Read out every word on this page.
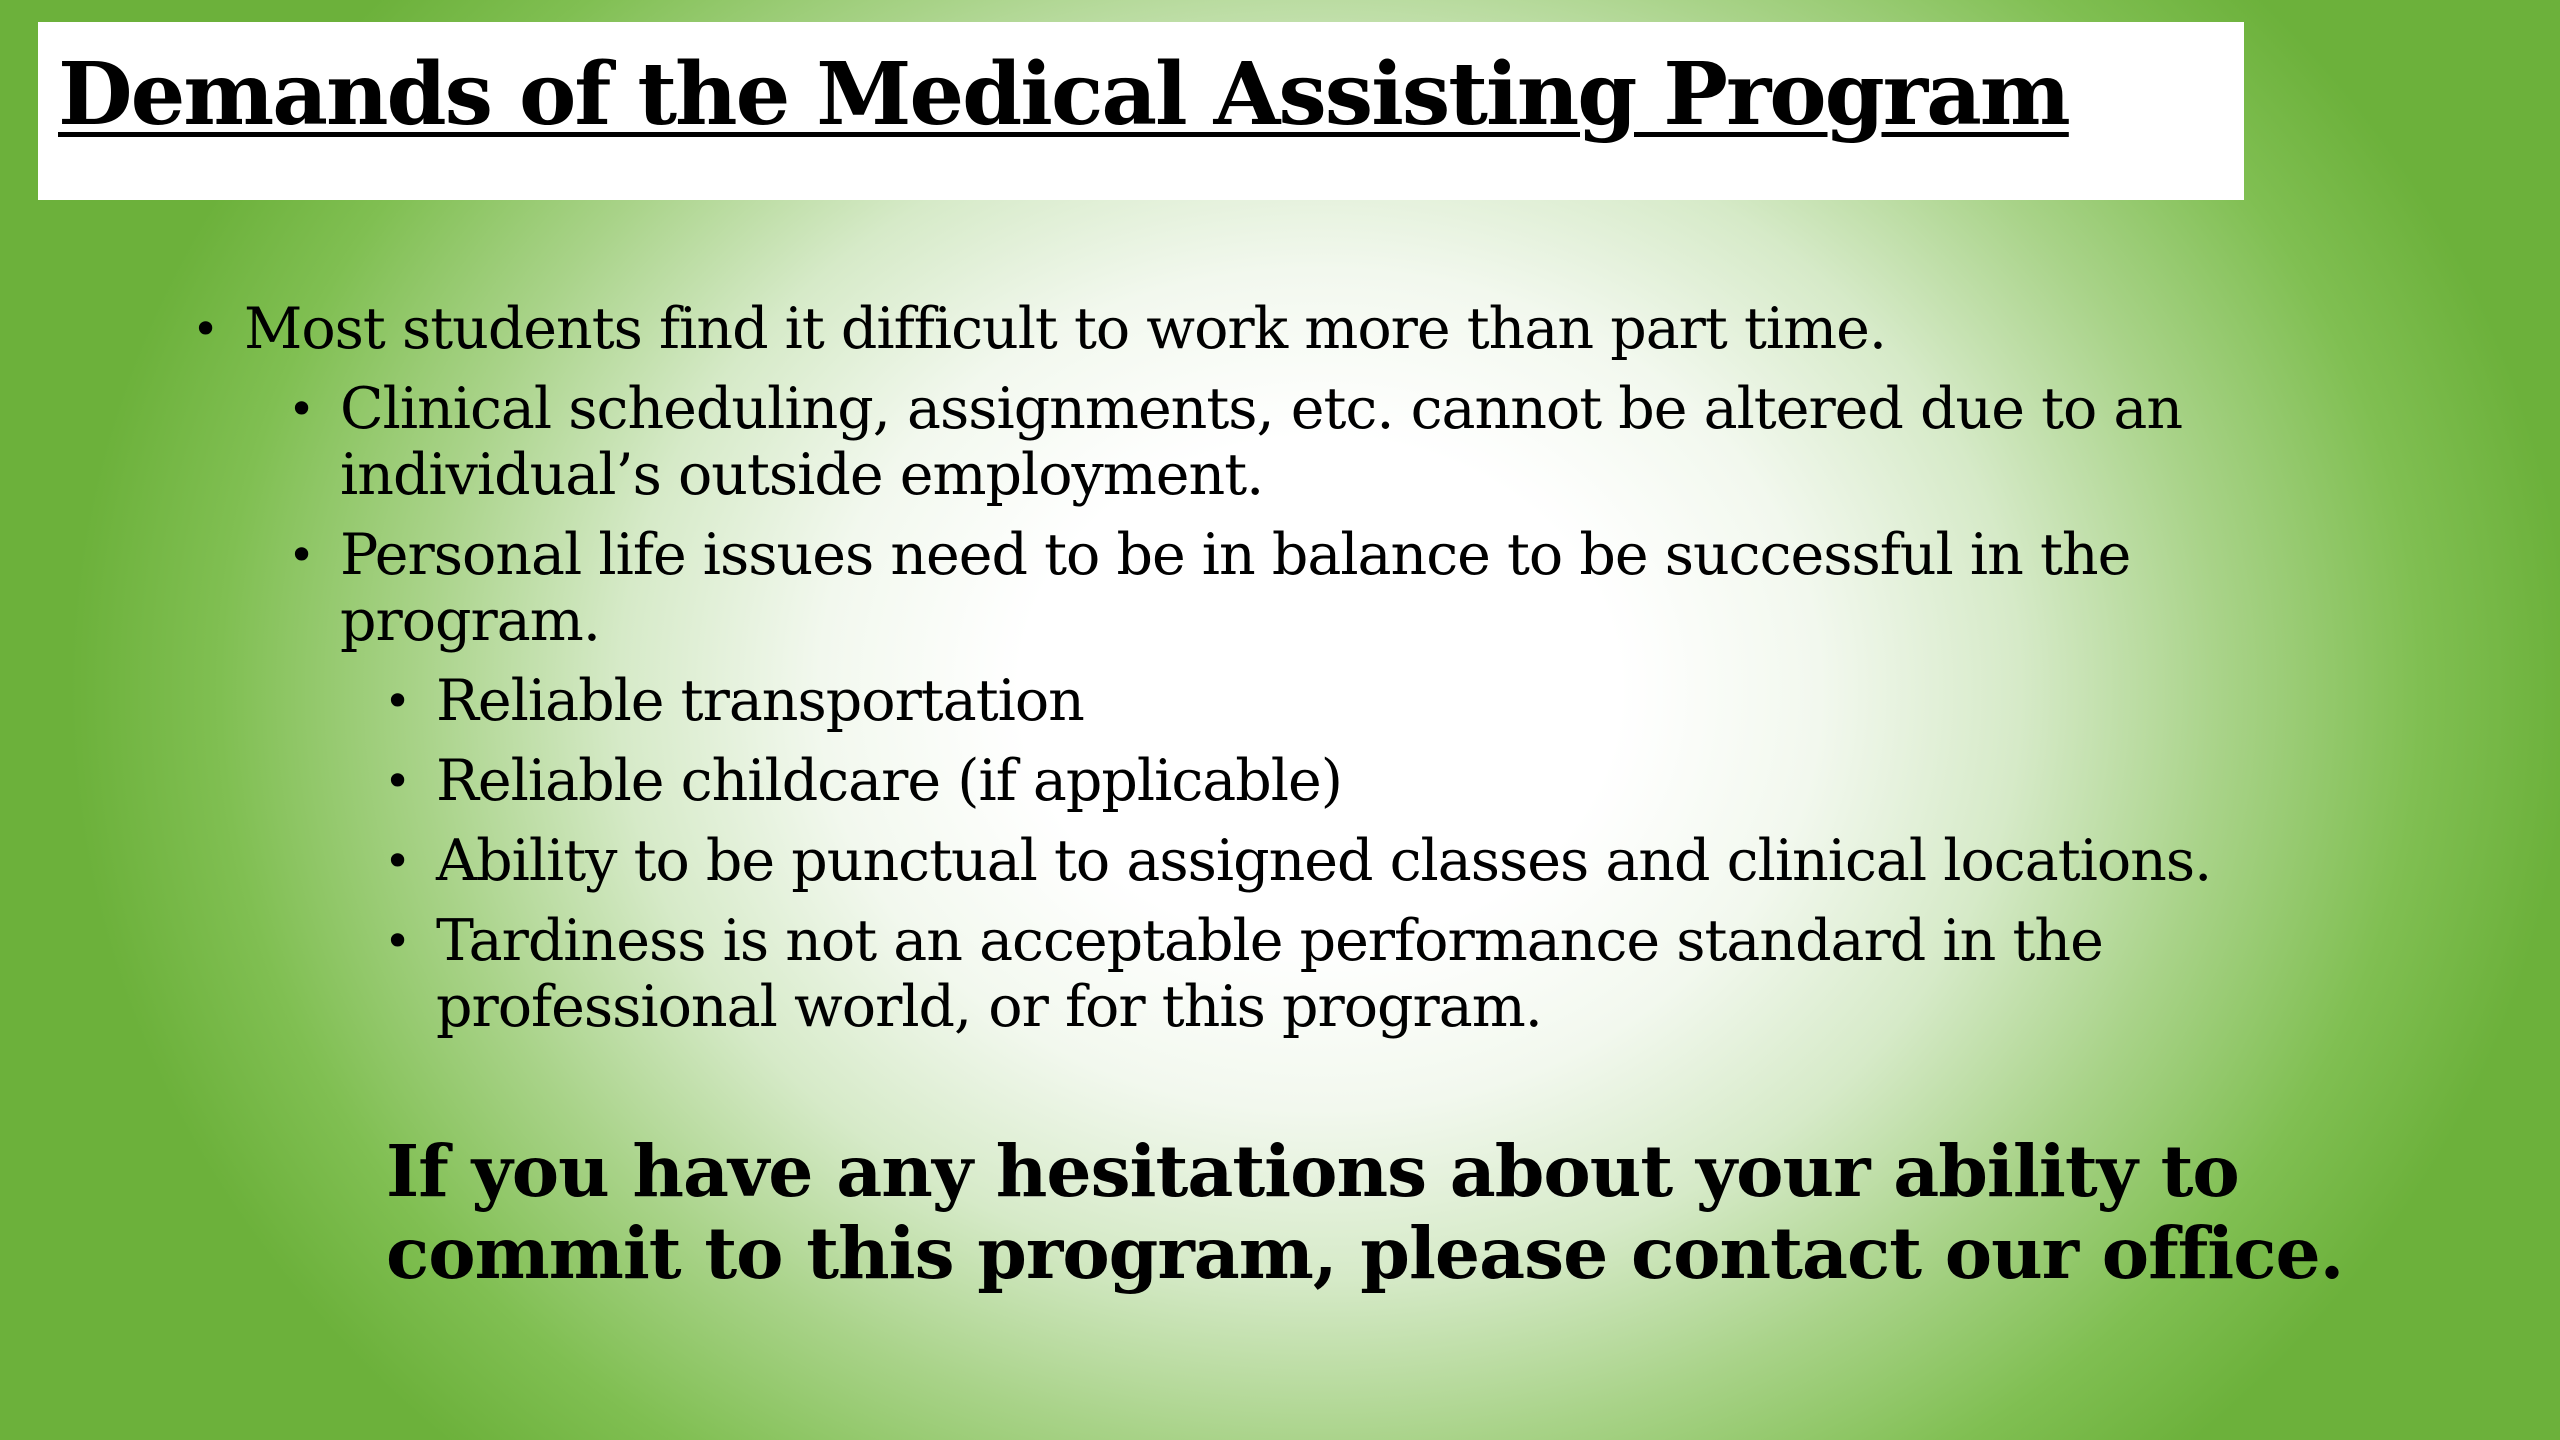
Demands of the Medical Assisting Program
• Most students find it difficult to work more than part time.
• Clinical scheduling, assignments, etc. cannot be altered due to an
individual’s outside employment.
• Personal life issues need to be in balance to be successful in the
program.
• Reliable transportation
• Reliable childcare (if applicable)
• Ability to be punctual to assigned classes and clinical locations.
• Tardiness is not an acceptable performance standard in the
professional world, or for this program.
If you have any hesitations about your ability to
commit to this program, please contact our office.
